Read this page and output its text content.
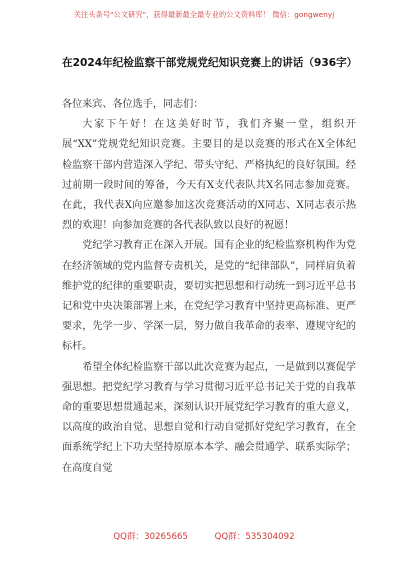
关注头条号"公文研究"，获得最新最全最专业的公文资料库！ 微信：gongwenyj
在2024年纪检监察干部党规党纪知识竞赛上的讲话（936字）

各位来宾、各位选手，同志们：

大家下午好！在这美好时节，我们齐聚一堂，组织开展“XX”党规党纪知识竞赛。主要目的是以竞赛的形式在X全体纪检监察干部内营造深入学纪、带头守纪、严格执纪的良好氛围。经过前期一段时间的筹备，今天有X支代表队共X名同志参加竞赛。在此，我代表X向应邀参加这次竞赛活动的X同志、X同志表示热烈的欢迎！向参加竞赛的各代表队致以良好的祝愿！

党纪学习教育正在深入开展。国有企业的纪检监察机构作为党在经济领域的党内监督专责机关，是党的“纪律部队”，同样肩负着维护党的纪律的重要职责，要切实把思想和行动统一到习近平总书记和党中央决策部署上来，在党纪学习教育中坚持更高标准、更严要求，先学一步、学深一层，努力做自我革命的表率、遵规守纪的标杆。

希望全体纪检监察干部以此次竞赛为起点，一是做到以赛促学强思想。把党纪学习教育与学习贯彻习近平总书记关于党的自我革命的重要思想贯通起来，深刻认识开展党纪学习教育的重大意义，以高度的政治自觉、思想自觉和行动自觉抓好党纪学习教育，在全面系统学纪上下功夫坚持原原本本学、融会贯通学、联系实际学；在高度自觉

QQ群：30265665	QQ群：535304092
